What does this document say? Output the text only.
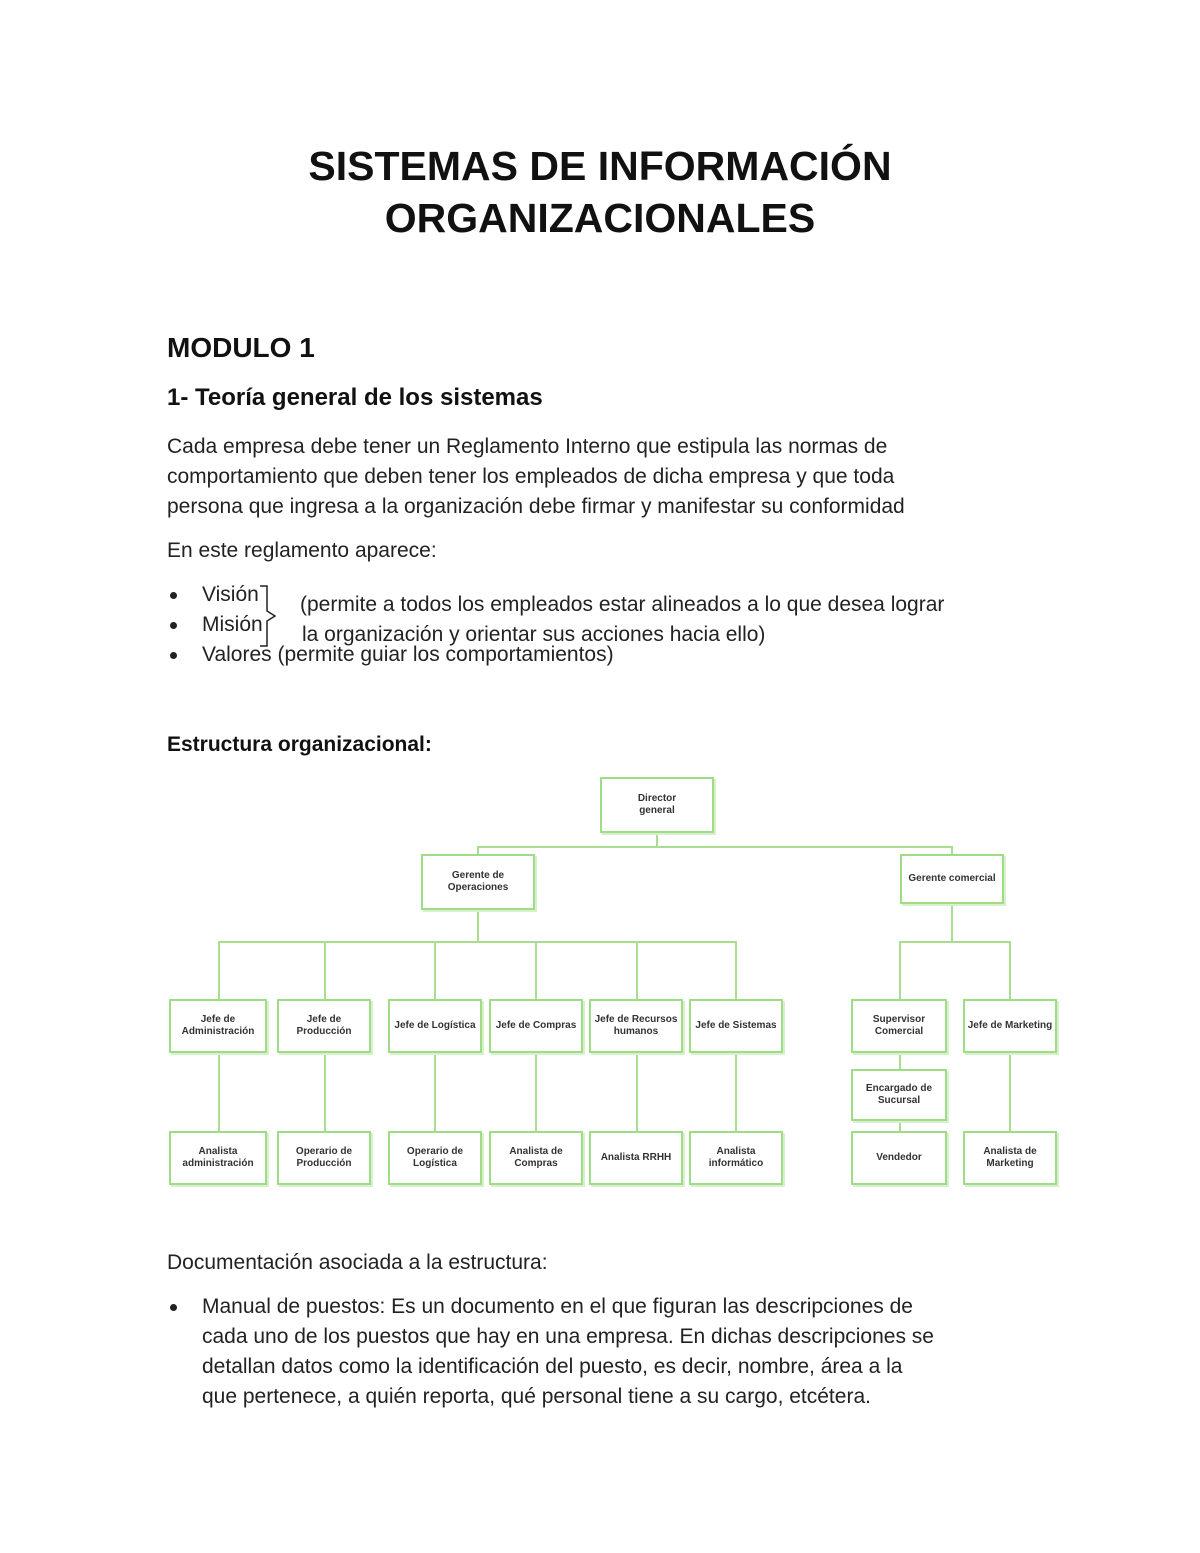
SISTEMAS DE INFORMACIÓN
ORGANIZACIONALES
MODULO 1
1- Teoría general de los sistemas
Cada empresa debe tener un Reglamento Interno que estipula las normas de
comportamiento que deben tener los empleados de dicha empresa y que toda
persona que ingresa a la organización debe firmar y manifestar su conformidad
En este reglamento aparece:
Visión
Misión
Valores (permite guiar los comportamientos)
(permite a todos los empleados estar alineados a lo que desea lograr
la organización y orientar sus acciones hacia ello)
Estructura organizacional:
Director
general
Gerente de
Operaciones
Gerente comercial
Jefe de
Administración
Jefe de
Producción
Jefe de Logística Jefe de Compras
Jefe de Recursos
humanos
Jefe de Sistemas
Supervisor
Comercial
Jefe de Marketing
Encargado de
Sucursal
Analista
administración
Operario de
Producción
Operario de
Logística
Analista de
Compras
Analista RRHH
Analista
informático
Vendedor
Analista de
Marketing
Documentación asociada a la estructura:
Manual de puestos: Es un documento en el que figuran las descripciones de
cada uno de los puestos que hay en una empresa. En dichas descripciones se
detallan datos como la identificación del puesto, es decir, nombre, área a la
que pertenece, a quién reporta, qué personal tiene a su cargo, etcétera.
